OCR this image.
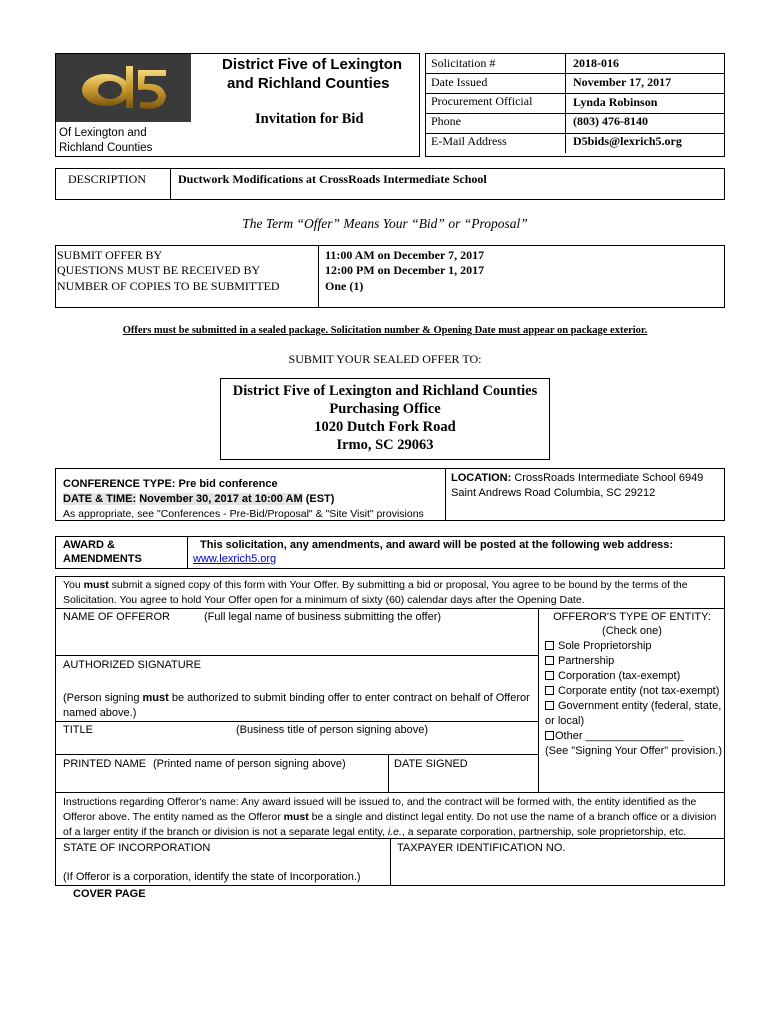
Of Lexington and Richland Counties
District Five of Lexington
and Richland Counties
Invitation for Bid
Solicitation #	2018-016
Date Issued	November 17, 2017
Procurement Official	Lynda Robinson
Phone	(803) 476-8140
E-Mail Address	D5bids@lexrich5.org
DESCRIPTION	Ductwork Modifications at CrossRoads Intermediate School
The Term “Offer” Means Your “Bid” or “Proposal”
SUBMIT OFFER BY	11:00 AM on December 7, 2017
QUESTIONS MUST BE RECEIVED BY	12:00 PM on December 1, 2017
NUMBER OF COPIES TO BE SUBMITTED	One (1)
Offers must be submitted in a sealed package. Solicitation number & Opening Date must appear on package exterior.
SUBMIT YOUR SEALED OFFER TO:
District Five of Lexington and Richland Counties
Purchasing Office
1020 Dutch Fork Road
Irmo, SC 29063
CONFERENCE TYPE: Pre bid conference
DATE & TIME: November 30, 2017 at 10:00 AM (EST)
As appropriate, see "Conferences - Pre-Bid/Proposal" & "Site Visit" provisions
LOCATION: CrossRoads Intermediate School 6949 Saint Andrews Road Columbia, SC 29212
AWARD &
AMENDMENTS
This solicitation, any amendments, and award will be posted at the following web address:
www.lexrich5.org
You must submit a signed copy of this form with Your Offer. By submitting a bid or proposal, You agree to be bound by the terms of the Solicitation. You agree to hold Your Offer open for a minimum of sixty (60) calendar days after the Opening Date.
NAME OF OFFEROR	(Full legal name of business submitting the offer)
AUTHORIZED SIGNATURE
(Person signing must be authorized to submit binding offer to enter contract on behalf of Offeror named above.)
TITLE	(Business title of person signing above)
PRINTED NAME (Printed name of person signing above)	DATE SIGNED
OFFEROR'S TYPE OF ENTITY:
(Check one)
Sole Proprietorship
Partnership
Corporation (tax-exempt)
Corporate entity (not tax-exempt)
Government entity (federal, state,
or local)
Other ________________
(See "Signing Your Offer" provision.)
Instructions regarding Offeror's name: Any award issued will be issued to, and the contract will be formed with, the entity identified as the Offeror above. The entity named as the Offeror must be a single and distinct legal entity. Do not use the name of a branch office or a division of a larger entity if the branch or division is not a separate legal entity, i.e., a separate corporation, partnership, sole proprietorship, etc.
STATE OF INCORPORATION
(If Offeror is a corporation, identify the state of Incorporation.)
TAXPAYER IDENTIFICATION NO.
COVER PAGE
